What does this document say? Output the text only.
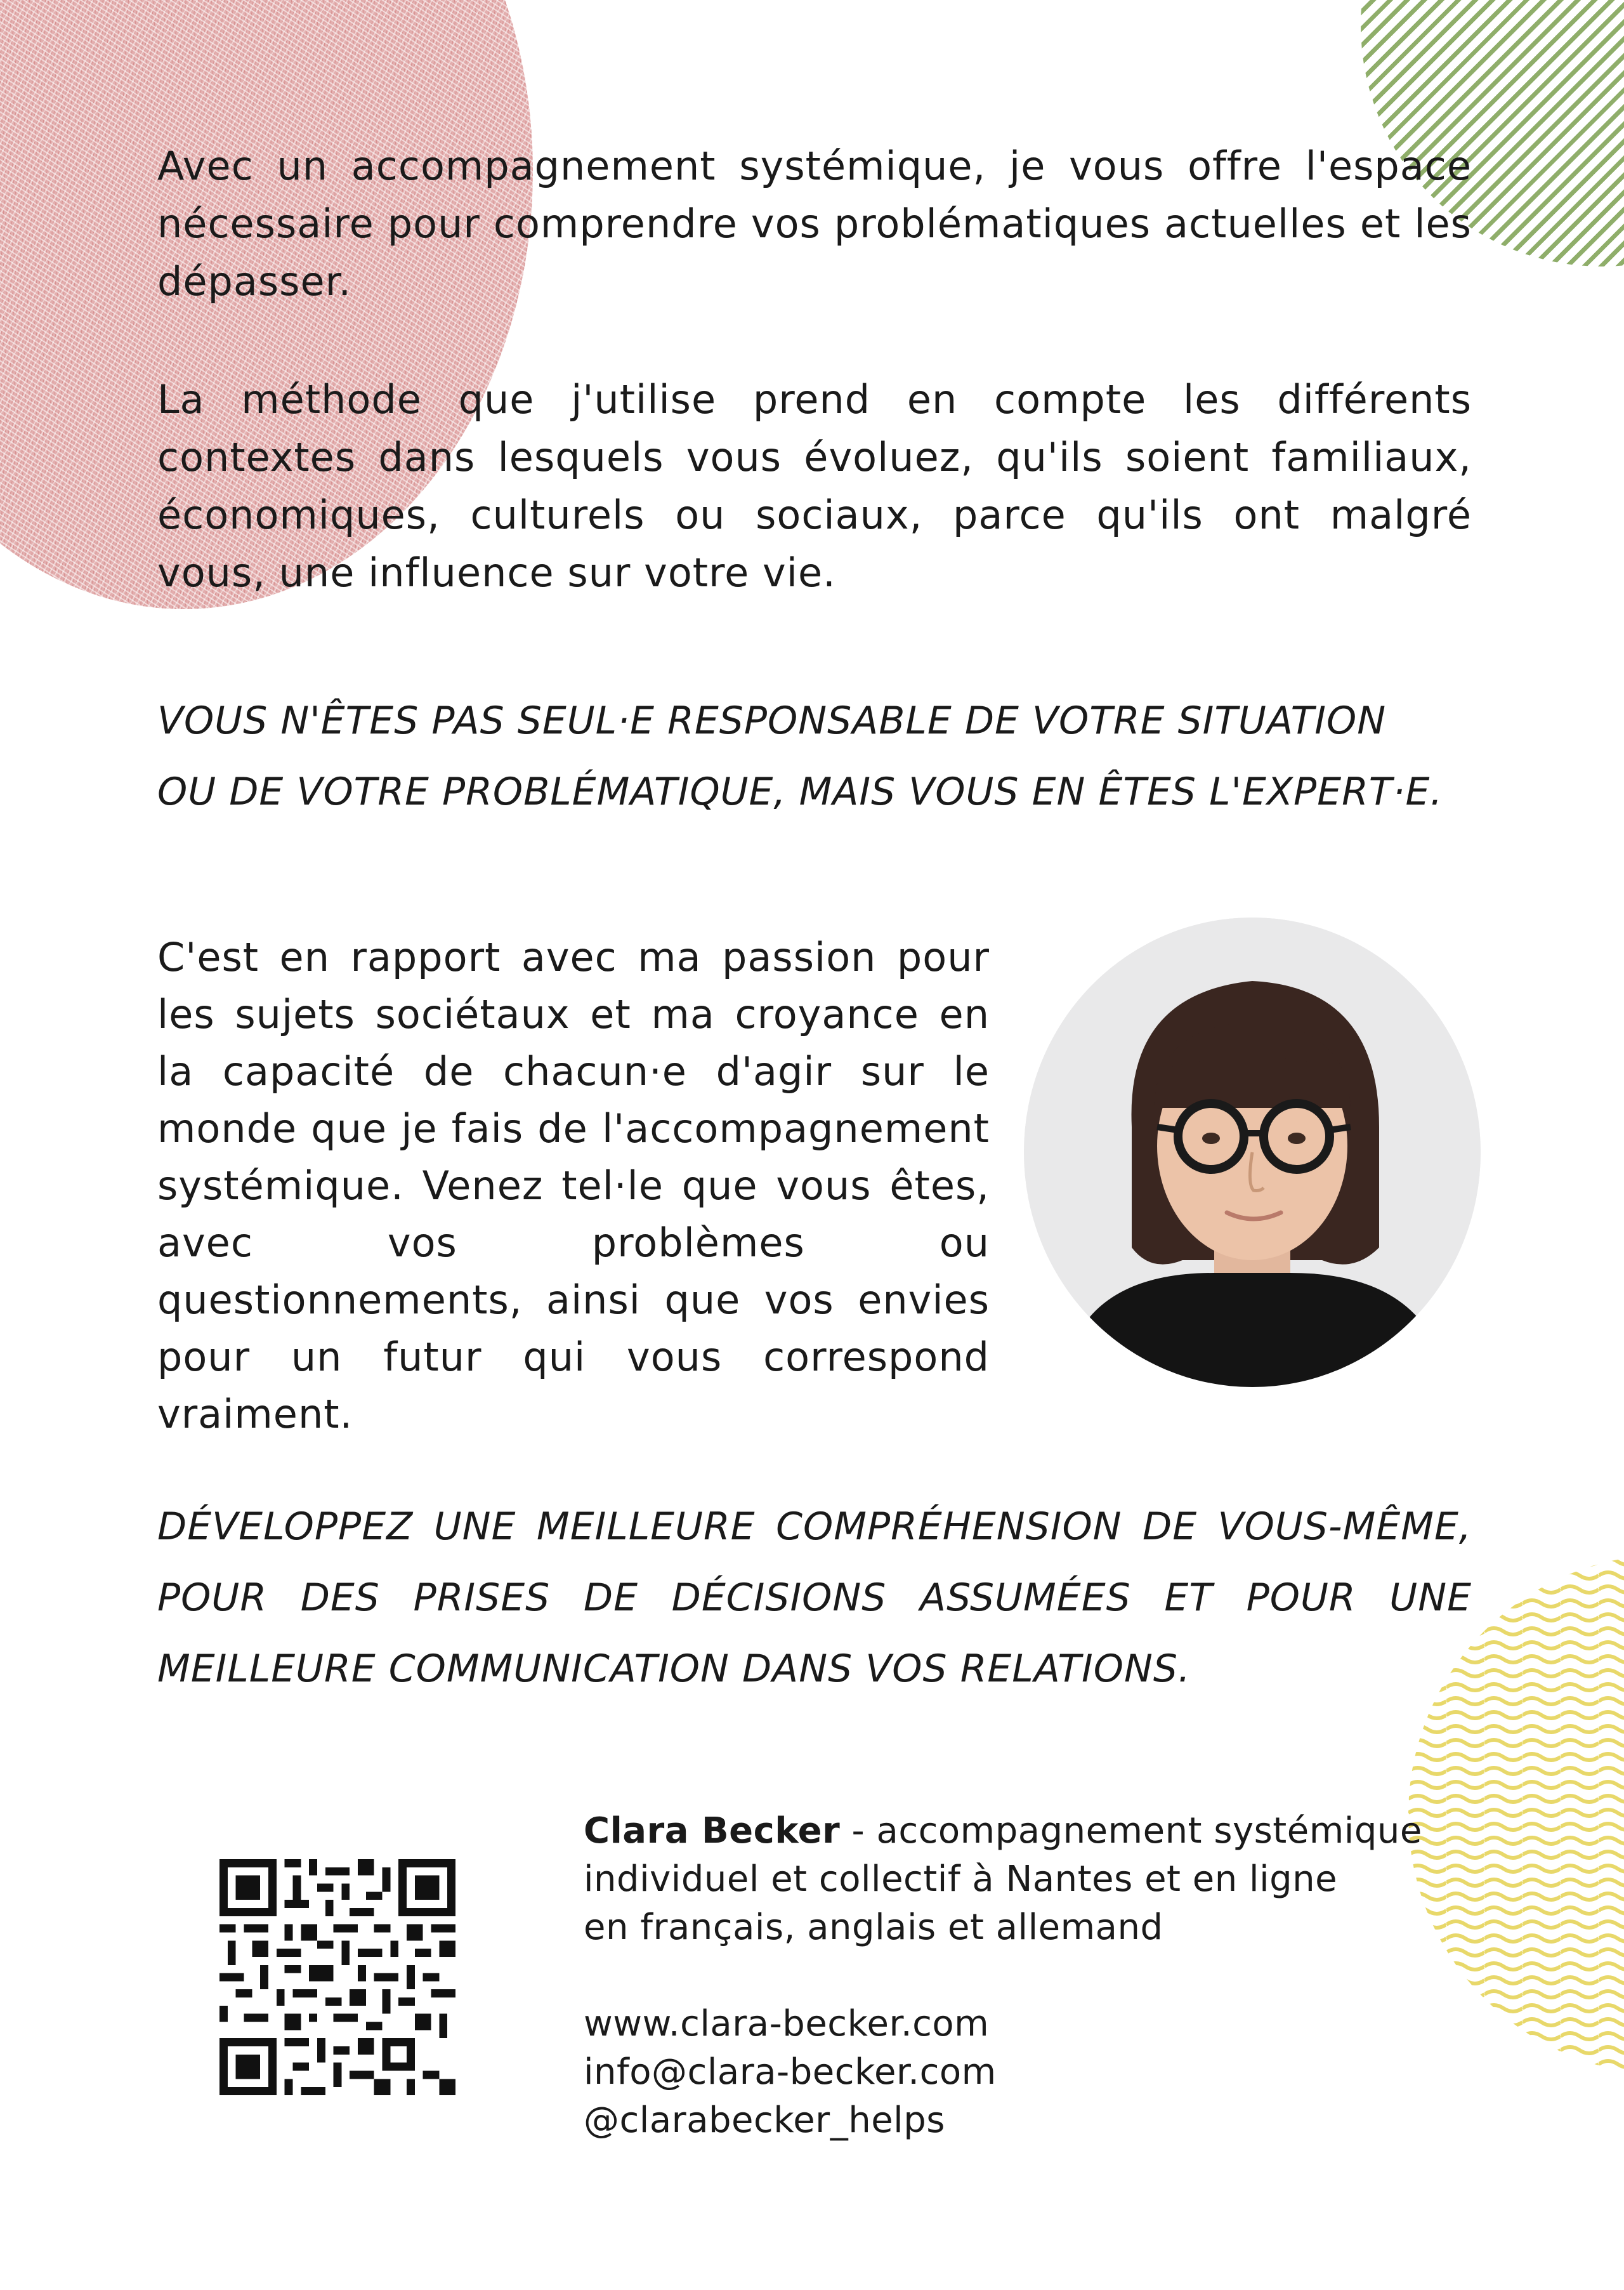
Avec un accompagnement systémique, je vous offre l'espace nécessaire pour comprendre vos problématiques actuelles et les dépasser.
La méthode que j'utilise prend en compte les différents contextes dans lesquels vous évoluez, qu'ils soient familiaux, économiques, culturels ou sociaux, parce qu'ils ont malgré vous, une influence sur votre vie.
VOUS N'ÊTES PAS SEUL·E RESPONSABLE DE VOTRE SITUATION
OU DE VOTRE PROBLÉMATIQUE, MAIS VOUS EN ÊTES L'EXPERT·E.
C'est en rapport avec ma passion pour les sujets sociétaux et ma croyance en la capacité de chacun·e d'agir sur le monde que je fais de l'accompagnement systémique. Venez tel·le que vous êtes, avec vos problèmes ou questionnements, ainsi que vos envies pour un futur qui vous correspond vraiment.
DÉVELOPPEZ UNE MEILLEURE COMPRÉHENSION DE VOUS-MÊME,
POUR DES PRISES DE DÉCISIONS ASSUMÉES ET POUR UNE
MEILLEURE COMMUNICATION DANS VOS RELATIONS.
Clara Becker - accompagnement systémique
individuel et collectif à Nantes et en ligne
en français, anglais et allemand
www.clara-becker.com
info@clara-becker.com
@clarabecker_helps
